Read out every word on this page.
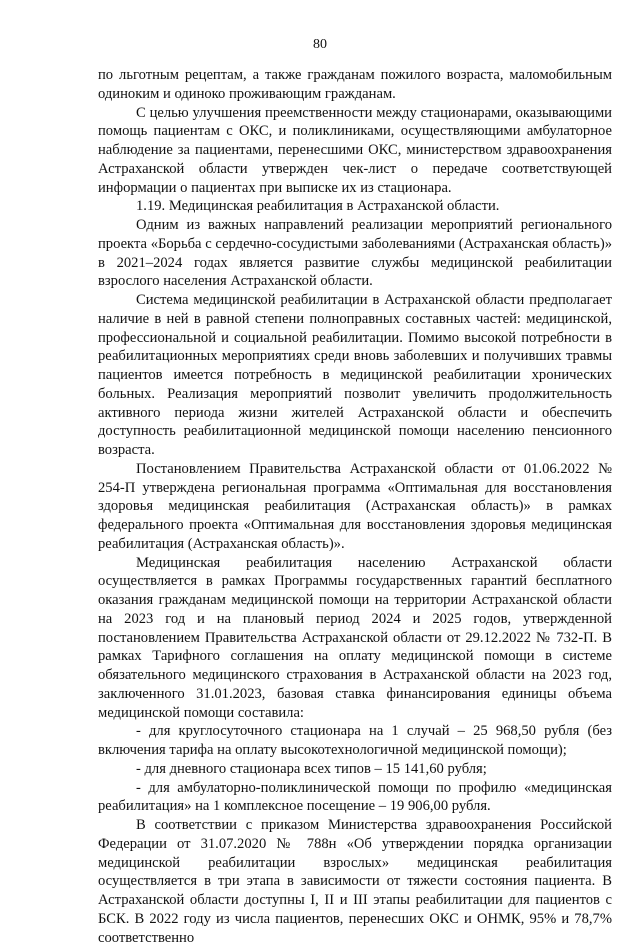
80

по льготным рецептам, а также гражданам пожилого возраста, маломобильным одиноким и одиноко проживающим гражданам.

С целью улучшения преемственности между стационарами, оказывающими помощь пациентам с ОКС, и поликлиниками, осуществляющими амбулаторное наблюдение за пациентами, перенесшими ОКС, министерством здравоохранения Астраханской области утвержден чек-лист о передаче соответствующей информации о пациентах при выписке их из стационара.

1.19. Медицинская реабилитация в Астраханской области.

Одним из важных направлений реализации мероприятий регионального проекта «Борьба с сердечно-сосудистыми заболеваниями (Астраханская область)» в 2021–2024 годах является развитие службы медицинской реабилитации взрослого населения Астраханской области.

Система медицинской реабилитации в Астраханской области предполагает наличие в ней в равной степени полноправных составных частей: медицинской, профессиональной и социальной реабилитации. Помимо высокой потребности в реабилитационных мероприятиях среди вновь заболевших и получивших травмы пациентов имеется потребность в медицинской реабилитации хронических больных. Реализация мероприятий позволит увеличить продолжительность активного периода жизни жителей Астраханской области и обеспечить доступность реабилитационной медицинской помощи населению пенсионного возраста.

Постановлением Правительства Астраханской области от 01.06.2022 № 254-П утверждена региональная программа «Оптимальная для восстановления здоровья медицинская реабилитация (Астраханская область)» в рамках федерального проекта «Оптимальная для восстановления здоровья медицинская реабилитация (Астраханская область)».

Медицинская реабилитация населению Астраханской области осуществляется в рамках Программы государственных гарантий бесплатного оказания гражданам медицинской помощи на территории Астраханской области на 2023 год и на плановый период 2024 и 2025 годов, утвержденной постановлением Правительства Астраханской области от 29.12.2022 № 732-П. В рамках Тарифного соглашения на оплату медицинской помощи в системе обязательного медицинского страхования в Астраханской области на 2023 год, заключенного 31.01.2023, базовая ставка финансирования единицы объема медицинской помощи составила:

- для круглосуточного стационара на 1 случай – 25 968,50 рубля (без включения тарифа на оплату высокотехнологичной медицинской помощи);

- для дневного стационара всех типов – 15 141,60 рубля;

- для амбулаторно-поликлинической помощи по профилю «медицинская реабилитация» на 1 комплексное посещение – 19 906,00 рубля.

В соответствии с приказом Министерства здравоохранения Российской Федерации от 31.07.2020 № 788н «Об утверждении порядка организации медицинской реабилитации взрослых» медицинская реабилитация осуществляется в три этапа в зависимости от тяжести состояния пациента. В Астраханской области доступны I, II и III этапы реабилитации для пациентов с БСК. В 2022 году из числа пациентов, перенесших ОКС и ОНМК, 95% и 78,7% соответственно
